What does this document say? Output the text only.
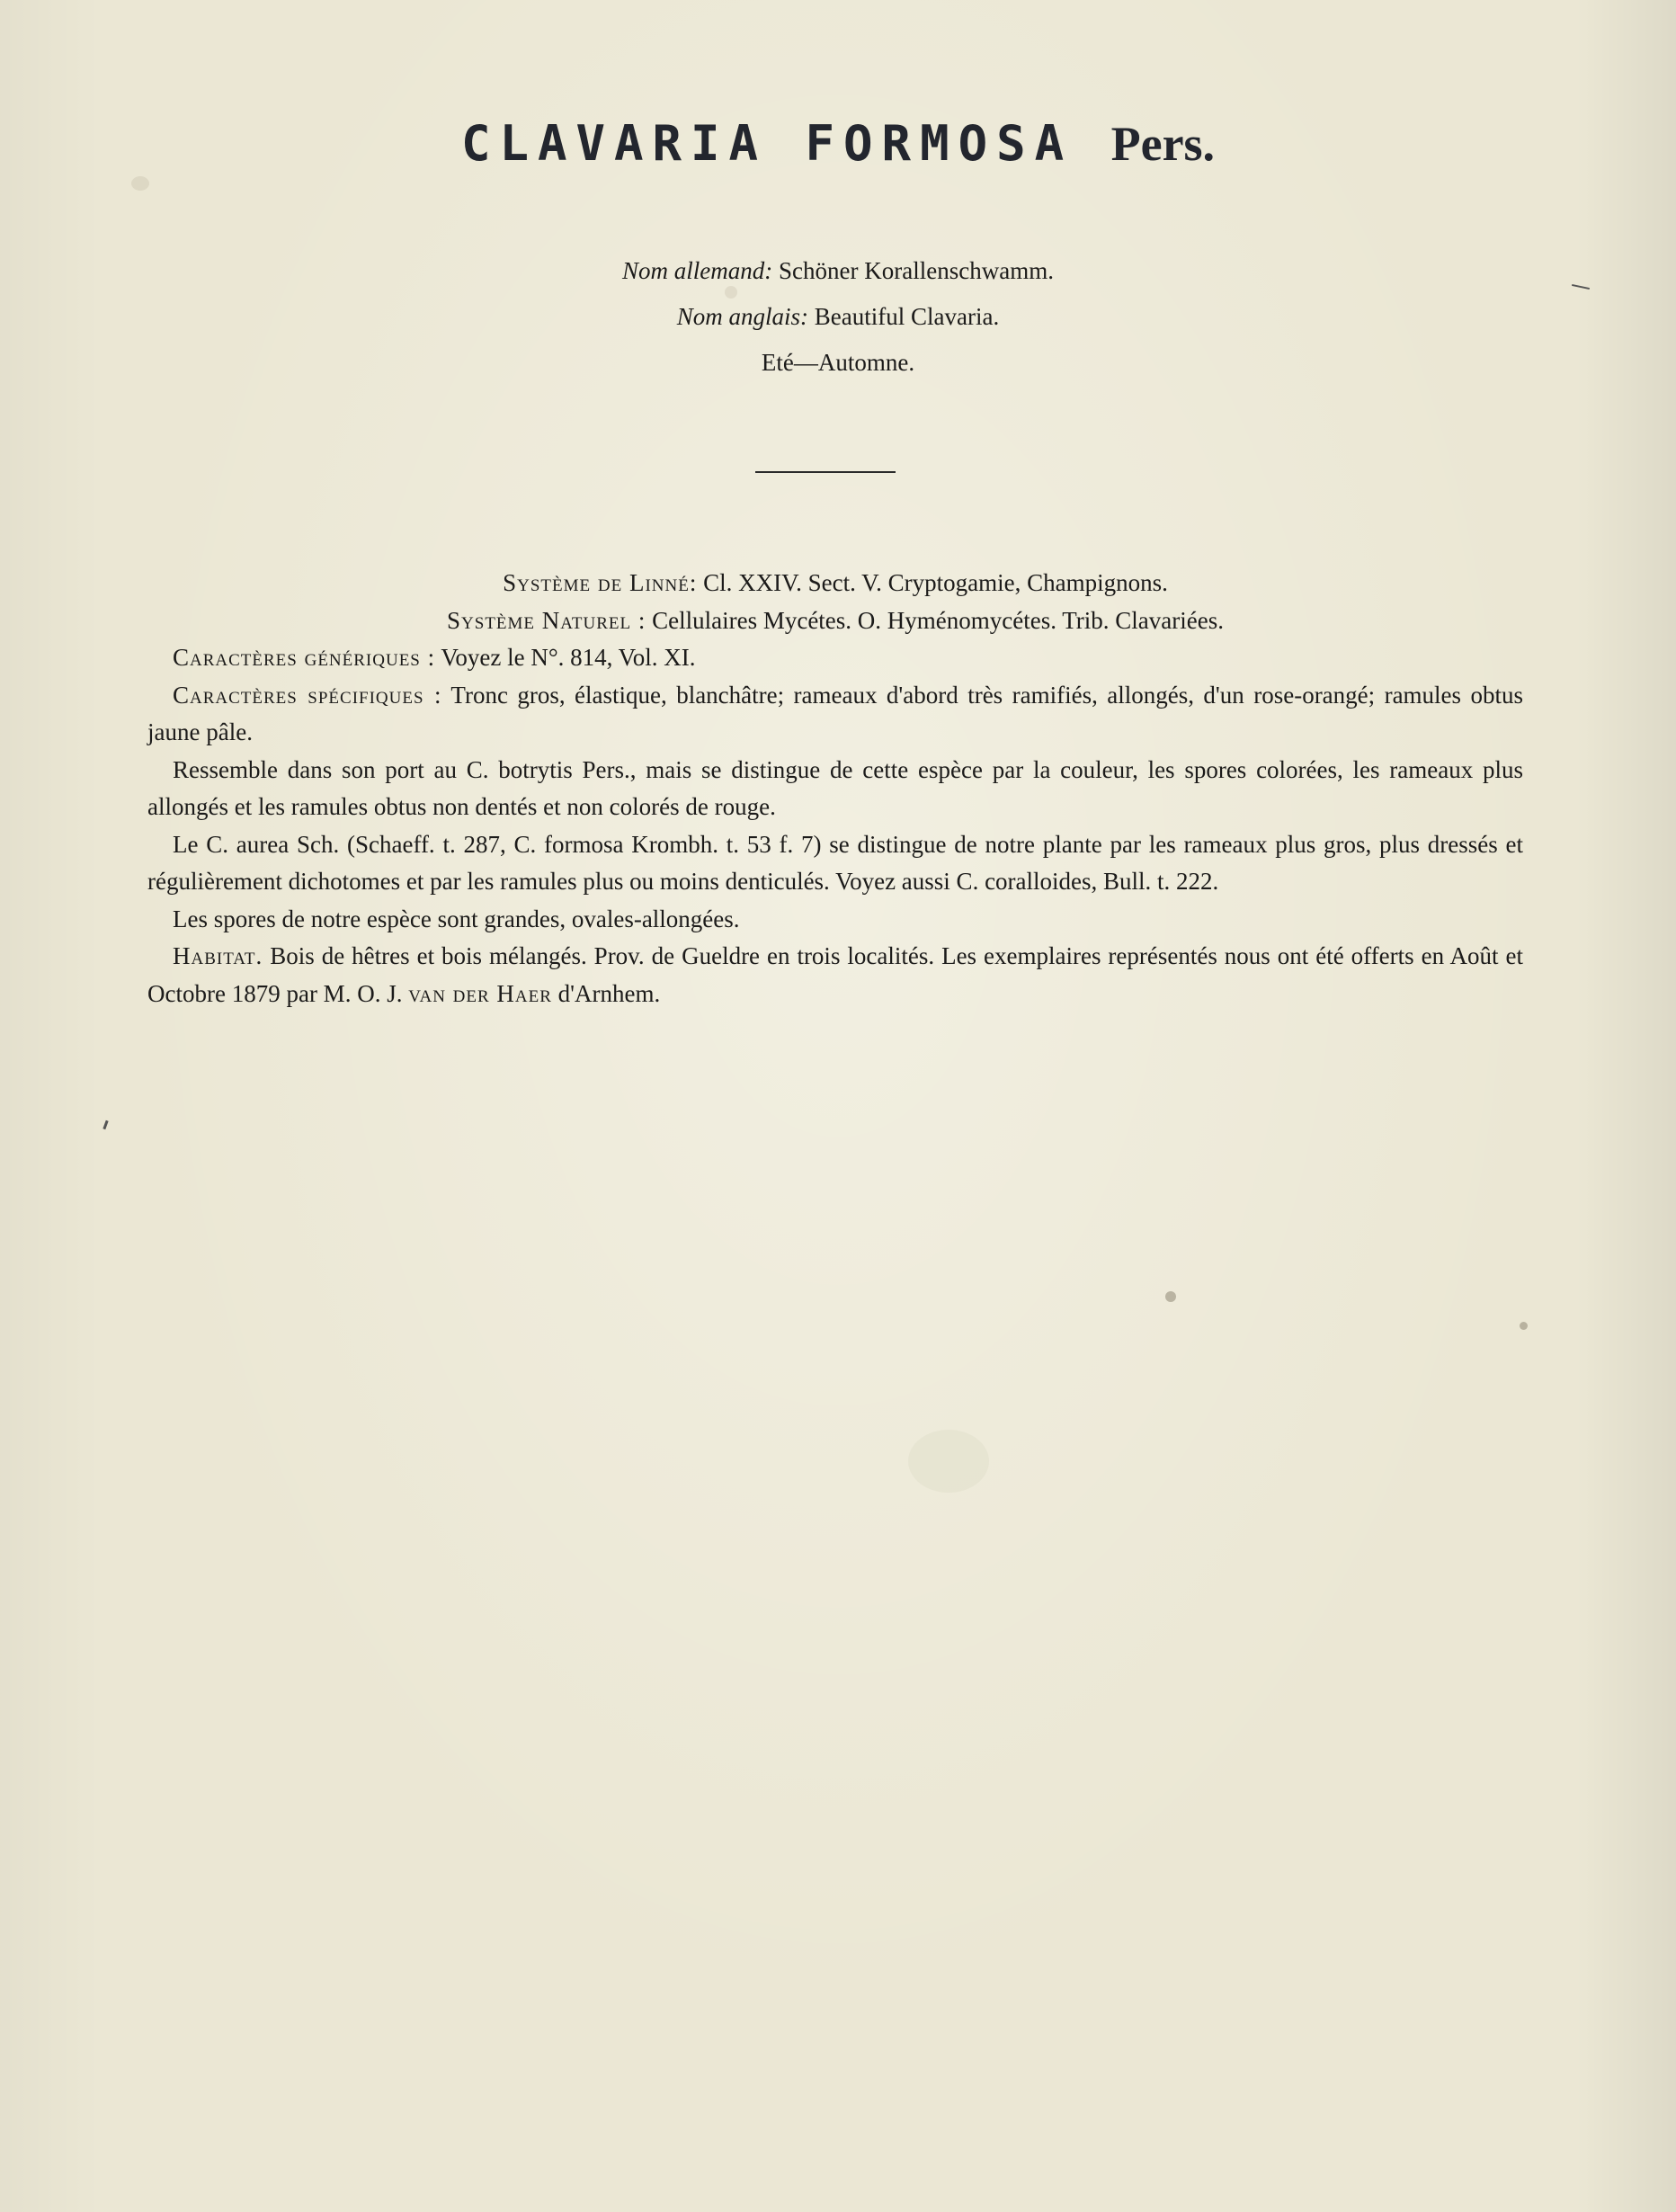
CLAVARIA FORMOSA Pers.
Nom allemand: Schöner Korallenschwamm.
Nom anglais: Beautiful Clavaria.
Eté—Automne.

Système de Linné: Cl. XXIV. Sect. V. Cryptogamie, Champignons.

Système Naturel : Cellulaires Mycétes. O. Hyménomycétes. Trib. Clavariées.

Caractères génériques : Voyez le N°. 814, Vol. XI.

Caractères spécifiques : Tronc gros, élastique, blanchâtre; rameaux d'abord très ramifiés, allongés, d'un rose-orangé; ramules obtus jaune pâle.

Ressemble dans son port au C. botrytis Pers., mais se distingue de cette espèce par la couleur, les spores colorées, les rameaux plus allongés et les ramules obtus non dentés et non colorés de rouge.

Le C. aurea Sch. (Schaeff. t. 287, C. formosa Krombh. t. 53 f. 7) se distingue de notre plante par les rameaux plus gros, plus dressés et régulièrement dichotomes et par les ramules plus ou moins denticulés. Voyez aussi C. coralloides, Bull. t. 222.

Les spores de notre espèce sont grandes, ovales-allongées.

Habitat. Bois de hêtres et bois mélangés. Prov. de Gueldre en trois localités. Les exemplaires représentés nous ont été offerts en Août et Octobre 1879 par M. O. J. van der Haer d'Arnhem.
